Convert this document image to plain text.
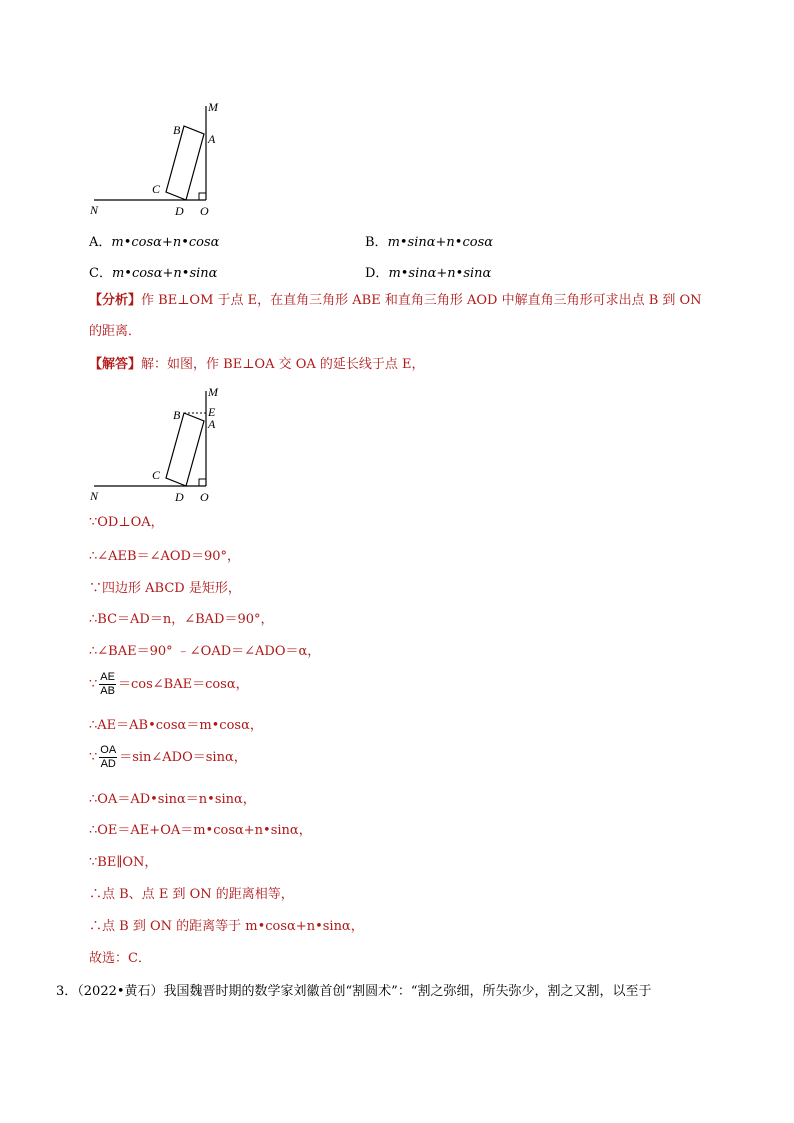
M
A
B
C
N	D O
A．m•cosα+n•cosα	B．m•sinα+n•cosα
C．m•cosα+n•sinα	D．m•sinα+n•sinα
【分析】作 BE⊥OM 于点 E，在直角三角形 ABE 和直角三角形 AOD 中解直角三角形可求出点 B 到 ON
的距离．
【解答】解：如图，作 BE⊥OA 交 OA 的延长线于点 E，
M
E
A
B
C
N	D O
∵OD⊥OA，
∴∠AEB＝∠AOD＝90°，
∵四边形 ABCD 是矩形，
∴BC＝AD＝n，∠BAD＝90°，
∴∠BAE＝90° ﹣∠OAD＝∠ADO＝α，
∵ $\frac{AE}{AB}$ ＝cos∠BAE＝cosα，
∴AE＝AB•cosα＝m•cosα，
∵ $\frac{OA}{AD}$ ＝sin∠ADO＝sinα，
∴OA＝AD•sinα＝n•sinα，
∴OE＝AE+OA＝m•cosα+n•sinα，
∵BE∥ON，
∴点 B、点 E 到 ON 的距离相等，
∴点 B 到 ON 的距离等于 m•cosα+n•sinα，
故选：C．
3．（2022•黄石）我国魏晋时期的数学家刘徽首创“割圆术”：“割之弥细，所失弥少，割之又割，以至于
